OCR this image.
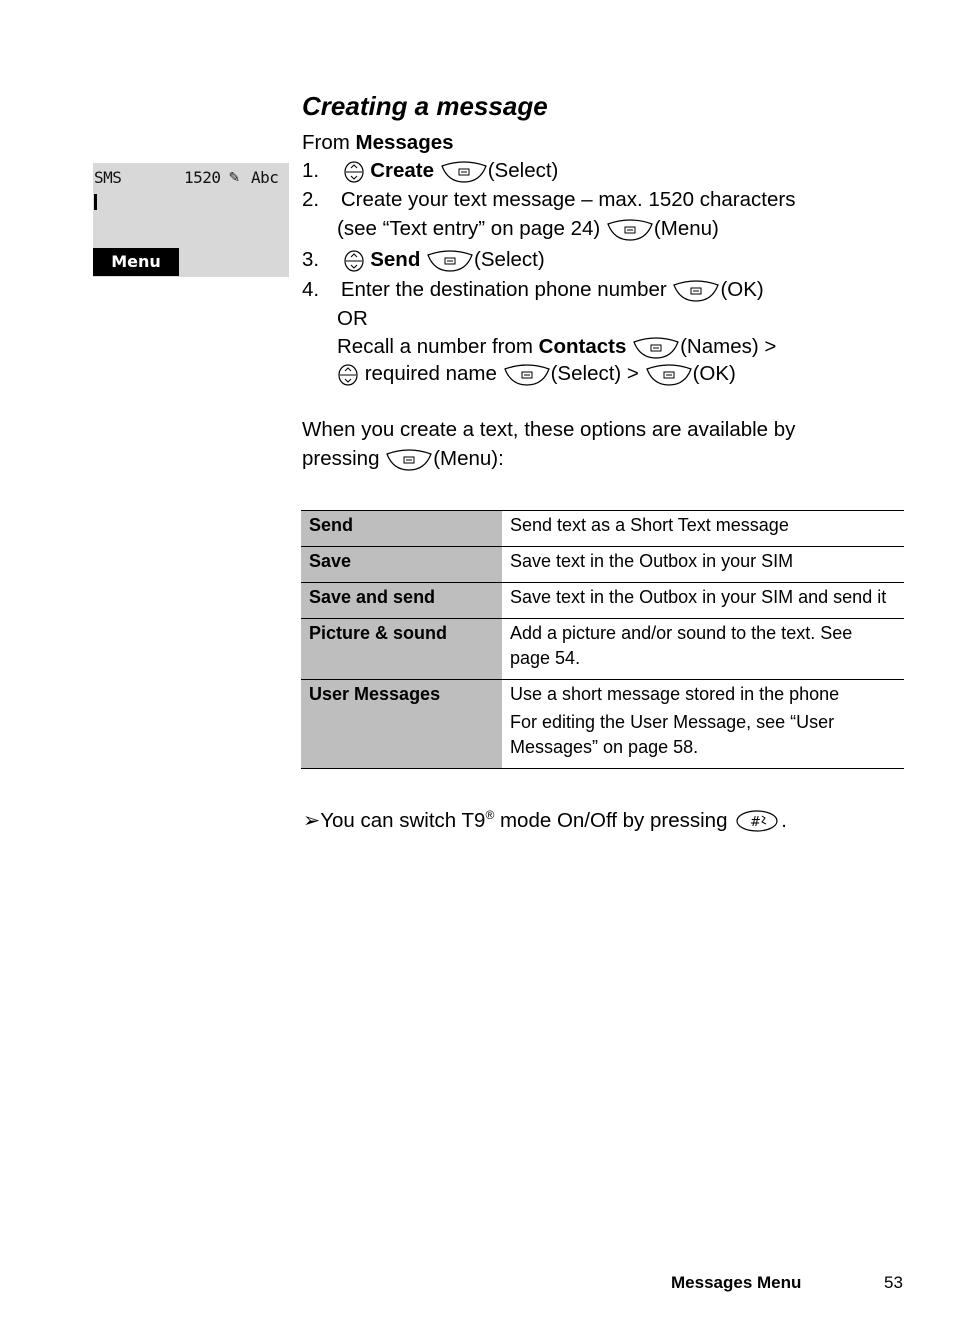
Creating a message
From Messages
SMS	1520 ✎ Abc
Menu
1. Create	(Select)
2. Create your text message – max. 1520 characters
(see “Text entry” on page 24)	(Menu)
3. Send	(Select)
4. Enter the destination phone number	(OK)
OR
Recall a number from Contacts	(Names) >
required name	(Select) >	(OK)
When you create a text, these options are available by
pressing	(Menu):
Send	Send text as a Short Text message
Save	Save text in the Outbox in your SIM
Save and send	Save text in the Outbox in your SIM and send it
Picture & sound	Add a picture and/or sound to the text. See page 54.
User Messages	Use a short message stored in the phone
For editing the User Message, see “User Messages” on page 58.
➢You can switch T9® mode On/Off by pressing # .
Messages Menu	53
